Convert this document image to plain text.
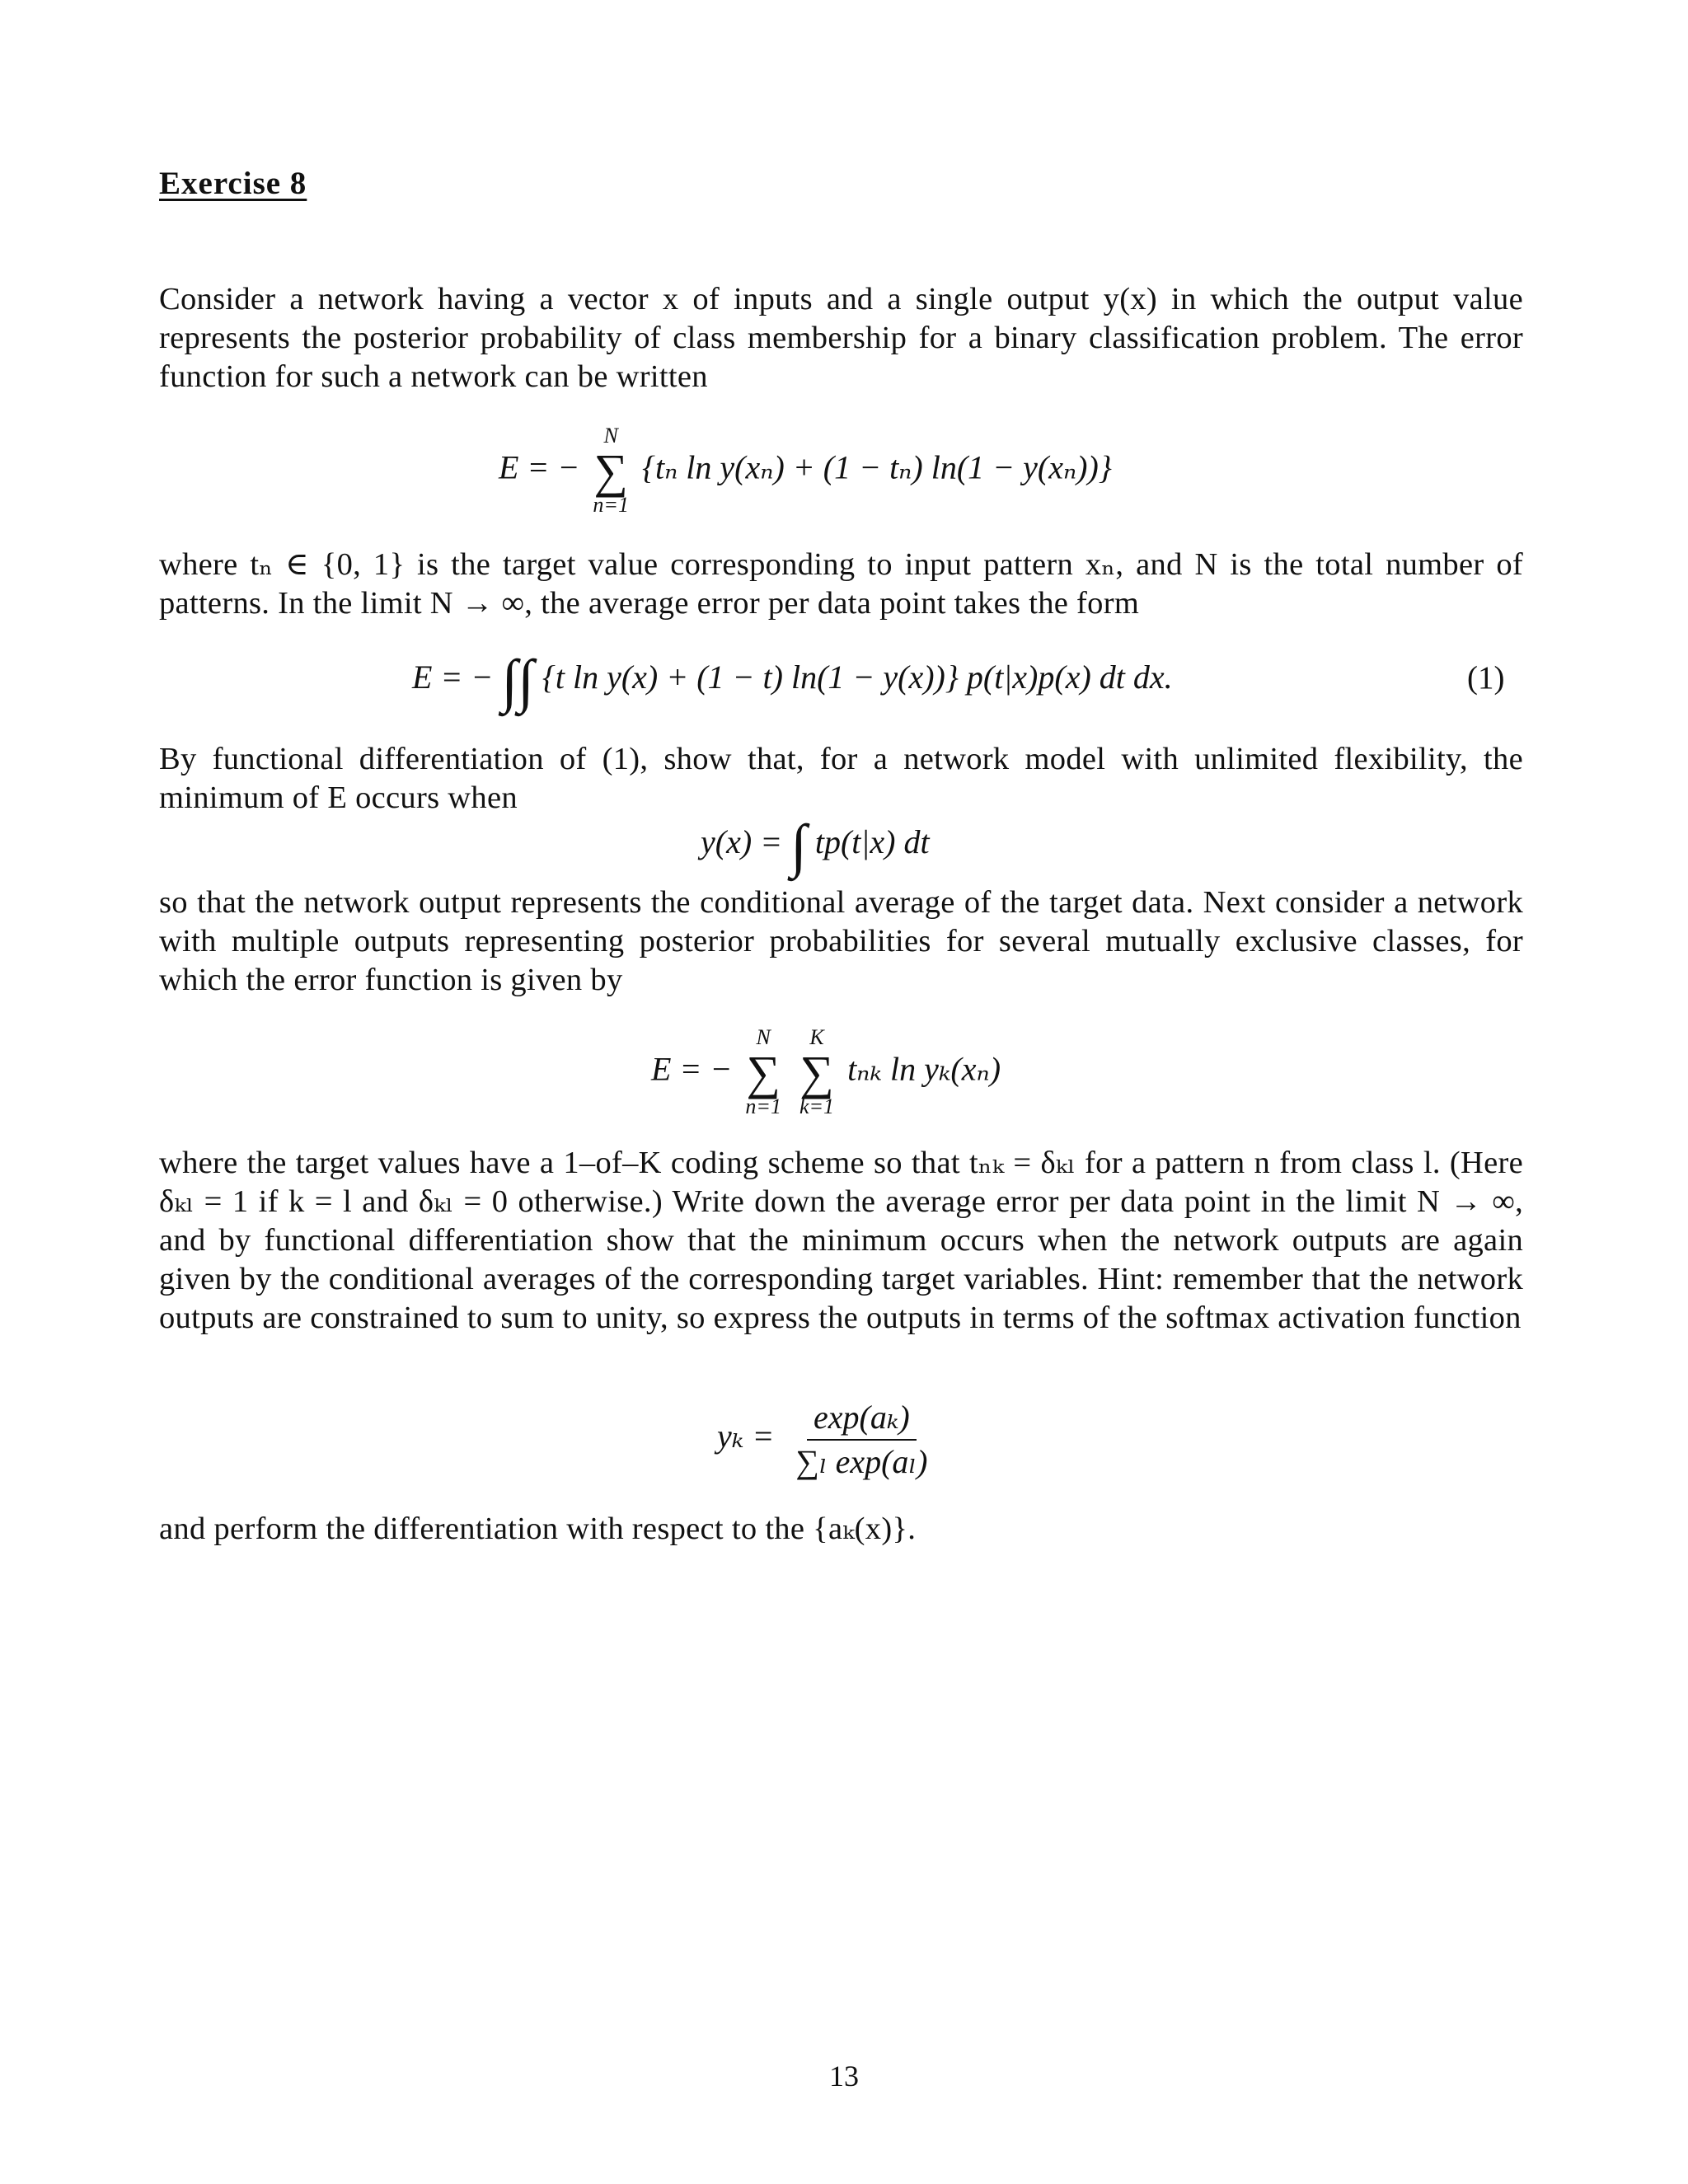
Exercise 8
Consider a network having a vector x of inputs and a single output y(x) in which the output value represents the posterior probability of class membership for a binary classification problem. The error function for such a network can be written
E = −
N
∑
n=1
{tₙ ln y(xₙ) + (1 − tₙ) ln(1 − y(xₙ))}
where tₙ ∈ {0, 1} is the target value corresponding to input pattern xₙ, and N is the total number of patterns. In the limit N → ∞, the average error per data point takes the form
E = − ∫∫ {t ln y(x) + (1 − t) ln(1 − y(x))} p(t|x)p(x) dt dx.	(1)
By functional differentiation of (1), show that, for a network model with unlimited flexibility, the minimum of E occurs when
y(x) = ∫ tp(t|x) dt
so that the network output represents the conditional average of the target data. Next consider a network with multiple outputs representing posterior probabilities for several mutually exclusive classes, for which the error function is given by
E = −
N
∑
n=1

K
∑
k=1
tₙₖ ln yₖ(xₙ)
where the target values have a 1–of–K coding scheme so that tₙₖ = δₖₗ for a pattern n from class l. (Here δₖₗ = 1 if k = l and δₖₗ = 0 otherwise.) Write down the average error per data point in the limit N → ∞, and by functional differentiation show that the minimum occurs when the network outputs are again given by the conditional averages of the corresponding target variables. Hint: remember that the network outputs are constrained to sum to unity, so express the outputs in terms of the softmax activation function
$y_k = \frac{\text{exp(aₖ)}}{\text{∑ₗ exp(aₗ)}}$
and perform the differentiation with respect to the {aₖ(x)}.
13
